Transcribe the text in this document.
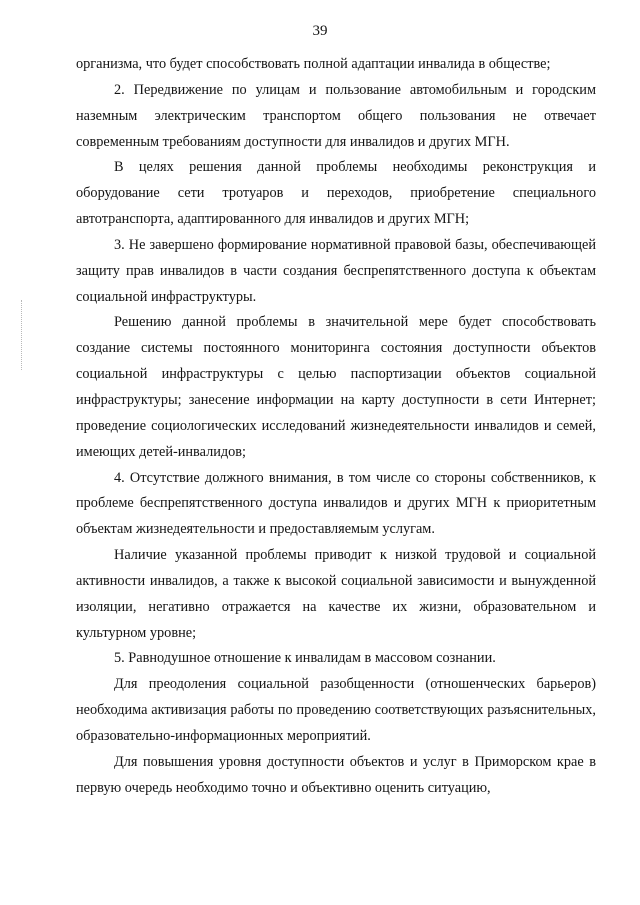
39

организма, что будет способствовать полной адаптации инвалида в обществе;

2. Передвижение по улицам и пользование автомобильным и городским наземным электрическим транспортом общего пользования не отвечает современным требованиям доступности для инвалидов и других МГН.

В целях решения данной проблемы необходимы реконструкция и оборудование сети тротуаров и переходов, приобретение специального автотранспорта, адаптированного для инвалидов и других МГН;

3. Не завершено формирование нормативной правовой базы, обеспечивающей защиту прав инвалидов в части создания беспрепятственного доступа к объектам социальной инфраструктуры.

Решению данной проблемы в значительной мере будет способствовать создание системы постоянного мониторинга состояния доступности объектов социальной инфраструктуры с целью паспортизации объектов социальной инфраструктуры; занесение информации на карту доступности в сети Интернет; проведение социологических исследований жизнедеятельности инвалидов и семей, имеющих детей-инвалидов;

4. Отсутствие должного внимания, в том числе со стороны собственников, к проблеме беспрепятственного доступа инвалидов и других МГН к приоритетным объектам жизнедеятельности и предоставляемым услугам.

Наличие указанной проблемы приводит к низкой трудовой и социальной активности инвалидов, а также к высокой социальной зависимости и вынужденной изоляции, негативно отражается на качестве их жизни, образовательном и культурном уровне;

5. Равнодушное отношение к инвалидам в массовом сознании.

Для преодоления социальной разобщенности (отношенческих барьеров) необходима активизация работы по проведению соответствующих разъяснительных, образовательно-информационных мероприятий.

Для повышения уровня доступности объектов и услуг в Приморском крае в первую очередь необходимо точно и объективно оценить ситуацию,
